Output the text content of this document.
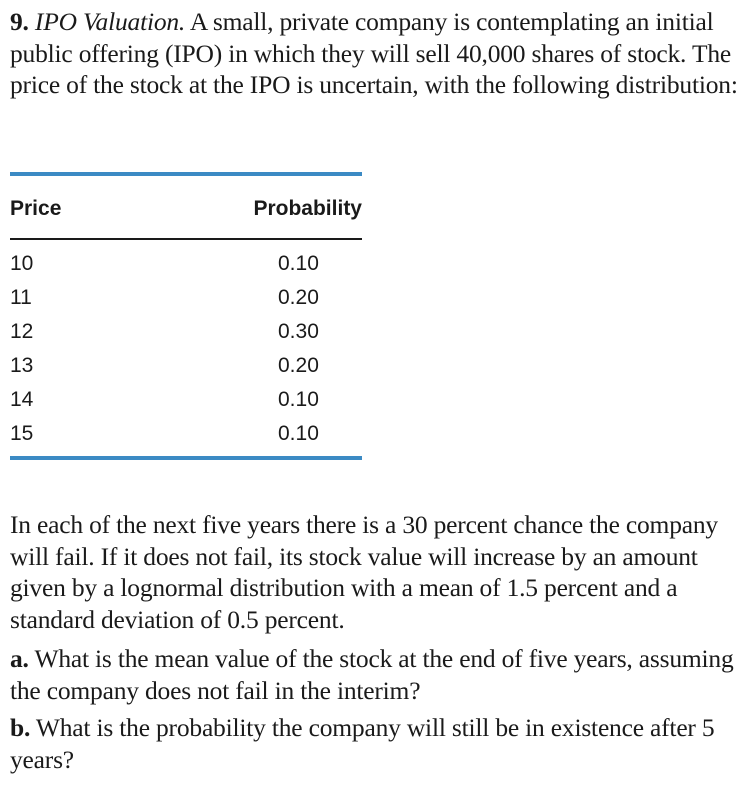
9. IPO Valuation. A small, private company is contemplating an initial public offering (IPO) in which they will sell 40,000 shares of stock. The price of the stock at the IPO is uncertain, with the following distribution:
Price	Probability
10	0.10
11	0.20
12	0.30
13	0.20
14	0.10
15	0.10
In each of the next five years there is a 30 percent chance the company will fail. If it does not fail, its stock value will increase by an amount given by a lognormal distribution with a mean of 1.5 percent and a standard deviation of 0.5 percent.
a. What is the mean value of the stock at the end of five years, assuming the company does not fail in the interim?
b. What is the probability the company will still be in existence after 5 years?
